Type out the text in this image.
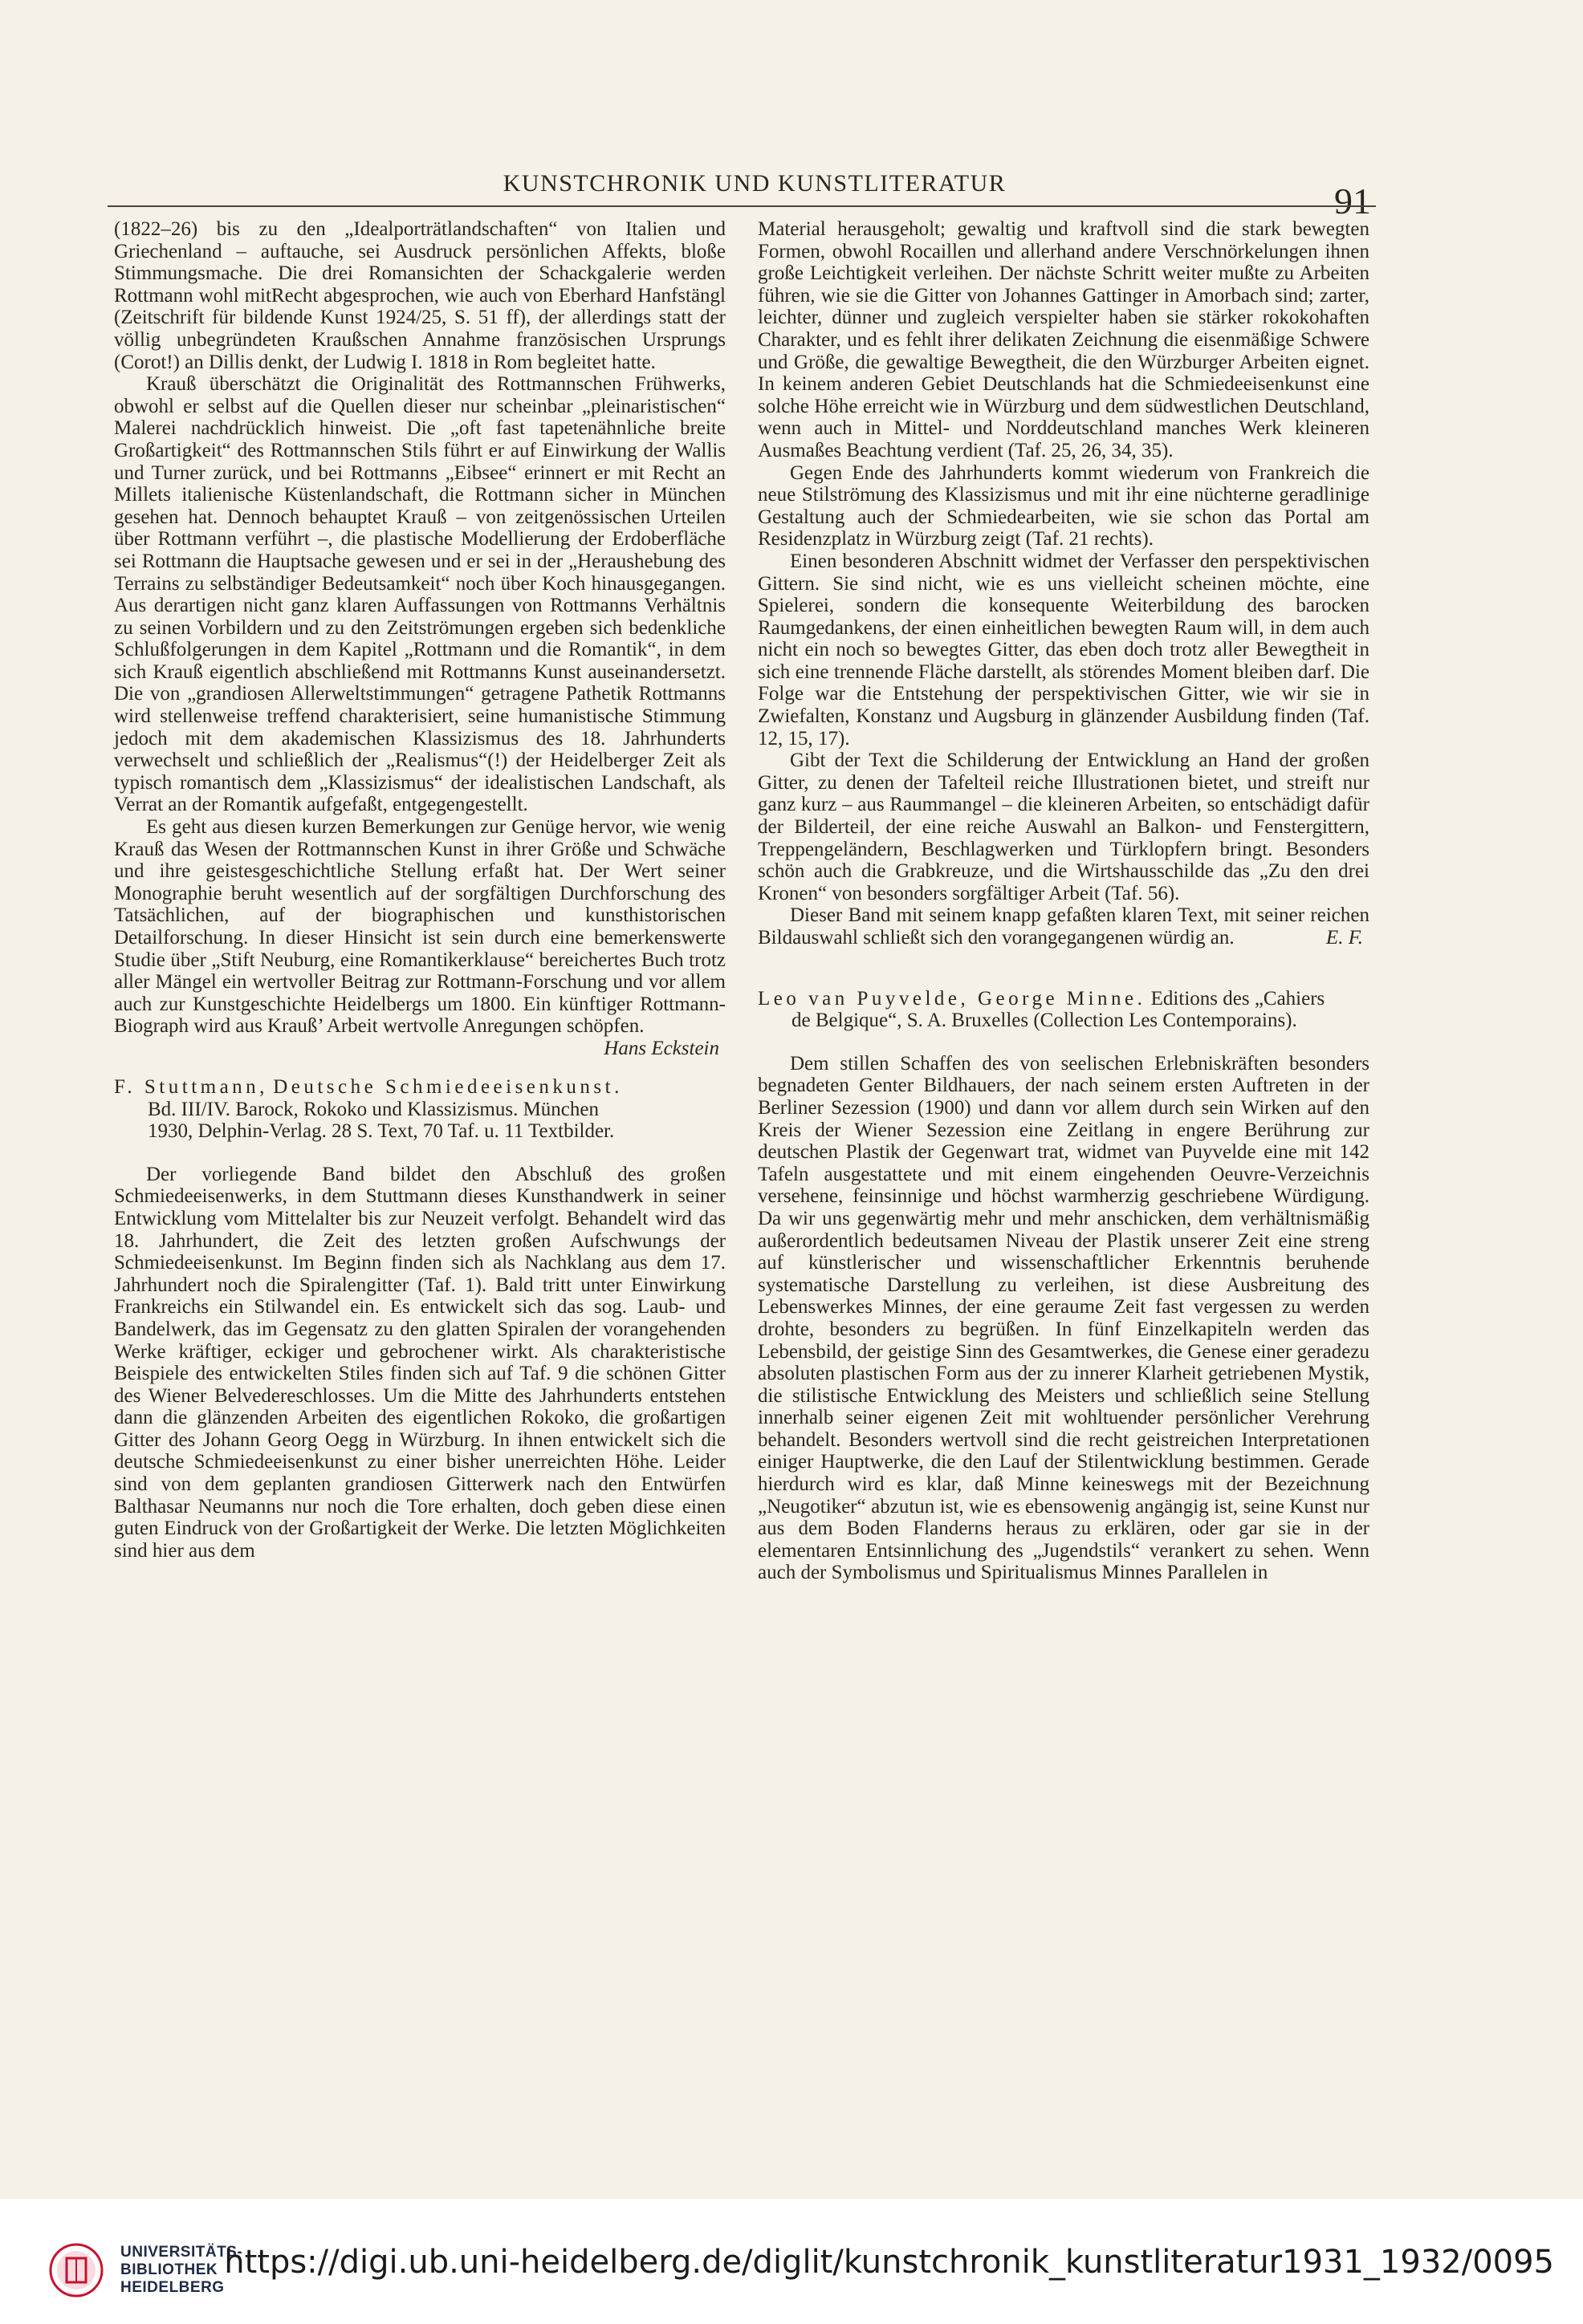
KUNSTCHRONIK UND KUNSTLITERATUR	91

(1822–26) bis zu den „Idealporträtlandschaften“ von Italien und Griechenland – auftauche, sei Ausdruck persönlichen Affekts, bloße Stimmungsmache. Die drei Romansichten der Schackgalerie werden Rottmann wohl mitRecht abgesprochen, wie auch von Eberhard Hanfstängl (Zeitschrift für bildende Kunst 1924/25, S. 51 ff), der allerdings statt der völlig unbegründeten Kraußschen Annahme französischen Ursprungs (Corot!) an Dillis denkt, der Ludwig I. 1818 in Rom begleitet hatte.

Krauß überschätzt die Originalität des Rottmannschen Frühwerks, obwohl er selbst auf die Quellen dieser nur scheinbar „pleinaristischen“ Malerei nachdrücklich hinweist. Die „oft fast tapetenähnliche breite Großartigkeit“ des Rottmannschen Stils führt er auf Einwirkung der Wallis und Turner zurück, und bei Rottmanns „Eibsee“ erinnert er mit Recht an Millets italienische Küstenlandschaft, die Rottmann sicher in München gesehen hat. Dennoch behauptet Krauß – von zeitgenössischen Urteilen über Rottmann verführt –, die plastische Modellierung der Erdoberfläche sei Rottmann die Hauptsache gewesen und er sei in der „Heraushebung des Terrains zu selbständiger Bedeutsamkeit“ noch über Koch hinausgegangen. Aus derartigen nicht ganz klaren Auffassungen von Rottmanns Verhältnis zu seinen Vorbildern und zu den Zeitströmungen ergeben sich bedenkliche Schlußfolgerungen in dem Kapitel „Rottmann und die Romantik“, in dem sich Krauß eigentlich abschließend mit Rottmanns Kunst auseinandersetzt. Die von „grandiosen Allerweltstimmungen“ getragene Pathetik Rottmanns wird stellenweise treffend charakterisiert, seine humanistische Stimmung jedoch mit dem akademischen Klassizismus des 18. Jahrhunderts verwechselt und schließlich der „Realismus“(!) der Heidelberger Zeit als typisch romantisch dem „Klassizismus“ der idealistischen Landschaft, als Verrat an der Romantik aufgefaßt, entgegengestellt.

Es geht aus diesen kurzen Bemerkungen zur Genüge hervor, wie wenig Krauß das Wesen der Rottmannschen Kunst in ihrer Größe und Schwäche und ihre geistesgeschichtliche Stellung erfaßt hat. Der Wert seiner Monographie beruht wesentlich auf der sorgfältigen Durchforschung des Tatsächlichen, auf der biographischen und kunsthistorischen Detailforschung. In dieser Hinsicht ist sein durch eine bemerkenswerte Studie über „Stift Neuburg, eine Romantikerklause“ bereichertes Buch trotz aller Mängel ein wertvoller Beitrag zur Rottmann-Forschung und vor allem auch zur Kunstgeschichte Heidelbergs um 1800. Ein künftiger Rottmann-Biograph wird aus Krauß’ Arbeit wertvolle Anregungen schöpfen.
Hans Eckstein

F. Stuttmann, Deutsche Schmiedeeisenkunst.
Bd. III/IV. Barock, Rokoko und Klassizismus. München
1930, Delphin-Verlag. 28 S. Text, 70 Taf. u. 11 Textbilder.

Der vorliegende Band bildet den Abschluß des großen Schmiedeeisenwerks, in dem Stuttmann dieses Kunsthandwerk in seiner Entwicklung vom Mittelalter bis zur Neuzeit verfolgt. Behandelt wird das 18. Jahrhundert, die Zeit des letzten großen Aufschwungs der Schmiedeeisenkunst. Im Beginn finden sich als Nachklang aus dem 17. Jahrhundert noch die Spiralengitter (Taf. 1). Bald tritt unter Einwirkung Frankreichs ein Stilwandel ein. Es entwickelt sich das sog. Laub- und Bandelwerk, das im Gegensatz zu den glatten Spiralen der vorangehenden Werke kräftiger, eckiger und gebrochener wirkt. Als charakteristische Beispiele des entwickelten Stiles finden sich auf Taf. 9 die schönen Gitter des Wiener Belvedereschlosses. Um die Mitte des Jahrhunderts entstehen dann die glänzenden Arbeiten des eigentlichen Rokoko, die großartigen Gitter des Johann Georg Oegg in Würzburg. In ihnen entwickelt sich die deutsche Schmiedeeisenkunst zu einer bisher unerreichten Höhe. Leider sind von dem geplanten grandiosen Gitterwerk nach den Entwürfen Balthasar Neumanns nur noch die Tore erhalten, doch geben diese einen guten Eindruck von der Großartigkeit der Werke. Die letzten Möglichkeiten sind hier aus dem

Material herausgeholt; gewaltig und kraftvoll sind die stark bewegten Formen, obwohl Rocaillen und allerhand andere Verschnörkelungen ihnen große Leichtigkeit verleihen. Der nächste Schritt weiter mußte zu Arbeiten führen, wie sie die Gitter von Johannes Gattinger in Amorbach sind; zarter, leichter, dünner und zugleich verspielter haben sie stärker rokokohaften Charakter, und es fehlt ihrer delikaten Zeichnung die eisenmäßige Schwere und Größe, die gewaltige Bewegtheit, die den Würzburger Arbeiten eignet. In keinem anderen Gebiet Deutschlands hat die Schmiedeeisenkunst eine solche Höhe erreicht wie in Würzburg und dem südwestlichen Deutschland, wenn auch in Mittel- und Norddeutschland manches Werk kleineren Ausmaßes Beachtung verdient (Taf. 25, 26, 34, 35).

Gegen Ende des Jahrhunderts kommt wiederum von Frankreich die neue Stilströmung des Klassizismus und mit ihr eine nüchterne geradlinige Gestaltung auch der Schmiedearbeiten, wie sie schon das Portal am Residenzplatz in Würzburg zeigt (Taf. 21 rechts).

Einen besonderen Abschnitt widmet der Verfasser den perspektivischen Gittern. Sie sind nicht, wie es uns vielleicht scheinen möchte, eine Spielerei, sondern die konsequente Weiterbildung des barocken Raumgedankens, der einen einheitlichen bewegten Raum will, in dem auch nicht ein noch so bewegtes Gitter, das eben doch trotz aller Bewegtheit in sich eine trennende Fläche darstellt, als störendes Moment bleiben darf. Die Folge war die Entstehung der perspektivischen Gitter, wie wir sie in Zwiefalten, Konstanz und Augsburg in glänzender Ausbildung finden (Taf. 12, 15, 17).

Gibt der Text die Schilderung der Entwicklung an Hand der großen Gitter, zu denen der Tafelteil reiche Illustrationen bietet, und streift nur ganz kurz – aus Raummangel – die kleineren Arbeiten, so entschädigt dafür der Bilderteil, der eine reiche Auswahl an Balkon- und Fenstergittern, Treppengeländern, Beschlagwerken und Türklopfern bringt. Besonders schön auch die Grabkreuze, und die Wirtshausschilde das „Zu den drei Kronen“ von besonders sorgfältiger Arbeit (Taf. 56).

Dieser Band mit seinem knapp gefaßten klaren Text, mit seiner reichen Bildauswahl schließt sich den vorangegangenen würdig an.	E. F.

Leo van Puyvelde, George Minne. Editions des „Cahiers
de Belgique“, S. A. Bruxelles (Collection Les Contemporains).

Dem stillen Schaffen des von seelischen Erlebniskräften besonders begnadeten Genter Bildhauers, der nach seinem ersten Auftreten in der Berliner Sezession (1900) und dann vor allem durch sein Wirken auf den Kreis der Wiener Sezession eine Zeitlang in engere Berührung zur deutschen Plastik der Gegenwart trat, widmet van Puyvelde eine mit 142 Tafeln ausgestattete und mit einem eingehenden Oeuvre-Verzeichnis versehene, feinsinnige und höchst warmherzig geschriebene Würdigung. Da wir uns gegenwärtig mehr und mehr anschicken, dem verhältnismäßig außerordentlich bedeutsamen Niveau der Plastik unserer Zeit eine streng auf künstlerischer und wissenschaftlicher Erkenntnis beruhende systematische Darstellung zu verleihen, ist diese Ausbreitung des Lebenswerkes Minnes, der eine geraume Zeit fast vergessen zu werden drohte, besonders zu begrüßen. In fünf Einzelkapiteln werden das Lebensbild, der geistige Sinn des Gesamtwerkes, die Genese einer geradezu absoluten plastischen Form aus der zu innerer Klarheit getriebenen Mystik, die stilistische Entwicklung des Meisters und schließlich seine Stellung innerhalb seiner eigenen Zeit mit wohltuender persönlicher Verehrung behandelt. Besonders wertvoll sind die recht geistreichen Interpretationen einiger Hauptwerke, die den Lauf der Stilentwicklung bestimmen. Gerade hierdurch wird es klar, daß Minne keineswegs mit der Bezeichnung „Neugotiker“ abzutun ist, wie es ebensowenig angängig ist, seine Kunst nur aus dem Boden Flanderns heraus zu erklären, oder gar sie in der elementaren Entsinnlichung des „Jugendstils“ verankert zu sehen. Wenn auch der Symbolismus und Spiritualismus Minnes Parallelen in

UNIVERSITÄTS-
BIBLIOTHEK
HEIDELBERG
https://digi.ub.uni-heidelberg.de/diglit/kunstchronik_kunstliteratur1931_1932/0095
